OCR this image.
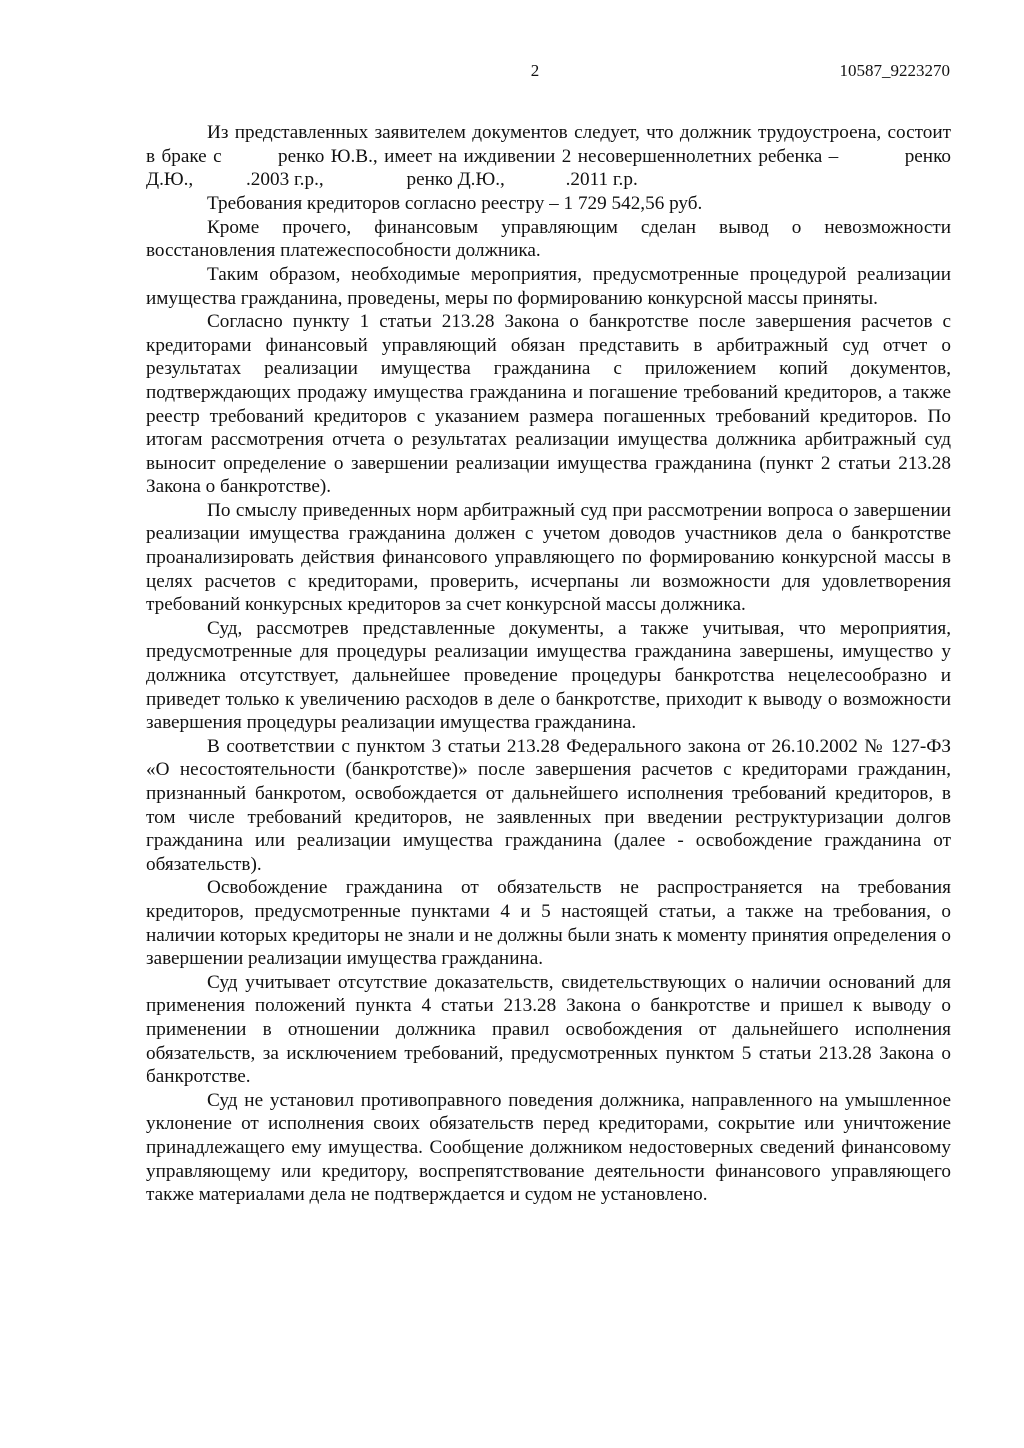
2	10587_9223270

Из представленных заявителем документов следует, что должник трудоустроена, состоит в браке с	ренко Ю.В., имеет на иждивении 2 несовершеннолетних ребенка –	ренко Д.Ю.,	.2003 г.р.,	ренко Д.Ю.,	.2011 г.р.

Требования кредиторов согласно реестру – 1 729 542,56 руб.

Кроме прочего, финансовым управляющим сделан вывод о невозможности восстановления платежеспособности должника.

Таким образом, необходимые мероприятия, предусмотренные процедурой реализации имущества гражданина, проведены, меры по формированию конкурсной массы приняты.

Согласно пункту 1 статьи 213.28 Закона о банкротстве после завершения расчетов с кредиторами финансовый управляющий обязан представить в арбитражный суд отчет о результатах реализации имущества гражданина с приложением копий документов, подтверждающих продажу имущества гражданина и погашение требований кредиторов, а также реестр требований кредиторов с указанием размера погашенных требований кредиторов. По итогам рассмотрения отчета о результатах реализации имущества должника арбитражный суд выносит определение о завершении реализации имущества гражданина (пункт 2 статьи 213.28 Закона о банкротстве).

По смыслу приведенных норм арбитражный суд при рассмотрении вопроса о завершении реализации имущества гражданина должен с учетом доводов участников дела о банкротстве проанализировать действия финансового управляющего по формированию конкурсной массы в целях расчетов с кредиторами, проверить, исчерпаны ли возможности для удовлетворения требований конкурсных кредиторов за счет конкурсной массы должника.

Суд, рассмотрев представленные документы, а также учитывая, что мероприятия, предусмотренные для процедуры реализации имущества гражданина завершены, имущество у должника отсутствует, дальнейшее проведение процедуры банкротства нецелесообразно и приведет только к увеличению расходов в деле о банкротстве, приходит к выводу о возможности завершения процедуры реализации имущества гражданина.

В соответствии с пунктом 3 статьи 213.28 Федерального закона от 26.10.2002 № 127-ФЗ «О несостоятельности (банкротстве)» после завершения расчетов с кредиторами гражданин, признанный банкротом, освобождается от дальнейшего исполнения требований кредиторов, в том числе требований кредиторов, не заявленных при введении реструктуризации долгов гражданина или реализации имущества гражданина (далее - освобождение гражданина от обязательств).

Освобождение гражданина от обязательств не распространяется на требования кредиторов, предусмотренные пунктами 4 и 5 настоящей статьи, а также на требования, о наличии которых кредиторы не знали и не должны были знать к моменту принятия определения о завершении реализации имущества гражданина.

Суд учитывает отсутствие доказательств, свидетельствующих о наличии оснований для применения положений пункта 4 статьи 213.28 Закона о банкротстве и пришел к выводу о применении в отношении должника правил освобождения от дальнейшего исполнения обязательств, за исключением требований, предусмотренных пунктом 5 статьи 213.28 Закона о банкротстве.

Суд не установил противоправного поведения должника, направленного на умышленное уклонение от исполнения своих обязательств перед кредиторами, сокрытие или уничтожение принадлежащего ему имущества. Сообщение должником недостоверных сведений финансовому управляющему или кредитору, воспрепятствование деятельности финансового управляющего также материалами дела не подтверждается и судом не установлено.
